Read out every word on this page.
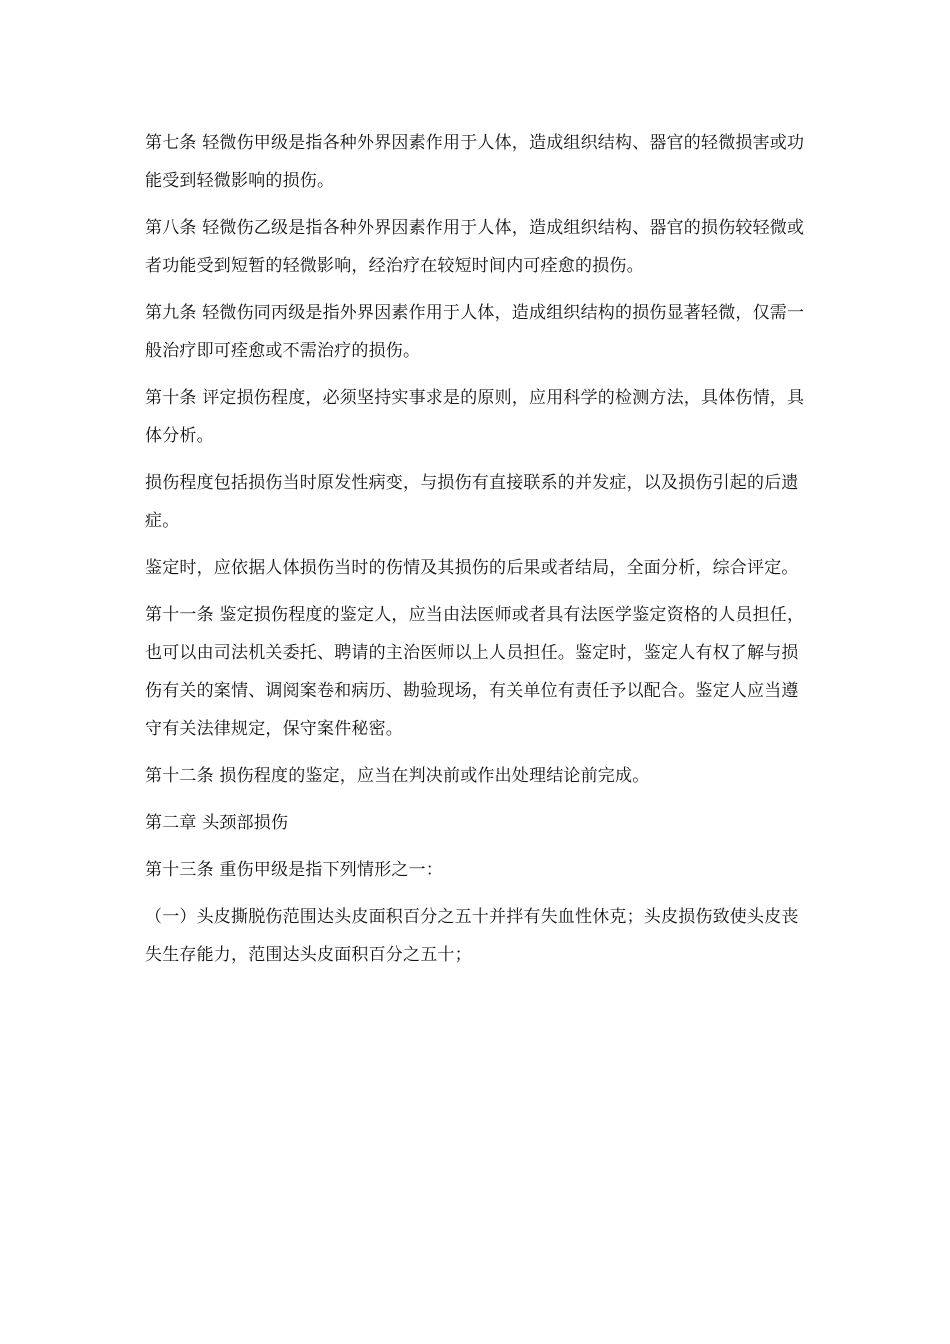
第七条 轻微伤甲级是指各种外界因素作用于人体，造成组织结构、器官的轻微损害或功能受到轻微影响的损伤。

第八条 轻微伤乙级是指各种外界因素作用于人体，造成组织结构、器官的损伤较轻微或者功能受到短暂的轻微影响，经治疗在较短时间内可痊愈的损伤。

第九条 轻微伤同丙级是指外界因素作用于人体，造成组织结构的损伤显著轻微，仅需一般治疗即可痊愈或不需治疗的损伤。

第十条 评定损伤程度，必须坚持实事求是的原则，应用科学的检测方法，具体伤情，具体分析。

损伤程度包括损伤当时原发性病变，与损伤有直接联系的并发症，以及损伤引起的后遗症。

鉴定时，应依据人体损伤当时的伤情及其损伤的后果或者结局，全面分析，综合评定。

第十一条 鉴定损伤程度的鉴定人，应当由法医师或者具有法医学鉴定资格的人员担任，也可以由司法机关委托、聘请的主治医师以上人员担任。鉴定时，鉴定人有权了解与损伤有关的案情、调阅案卷和病历、勘验现场，有关单位有责任予以配合。鉴定人应当遵守有关法律规定，保守案件秘密。

第十二条 损伤程度的鉴定，应当在判决前或作出处理结论前完成。

第二章 头颈部损伤

第十三条 重伤甲级是指下列情形之一：

（一）头皮撕脱伤范围达头皮面积百分之五十并拌有失血性休克；头皮损伤致使头皮丧失生存能力，范围达头皮面积百分之五十；
